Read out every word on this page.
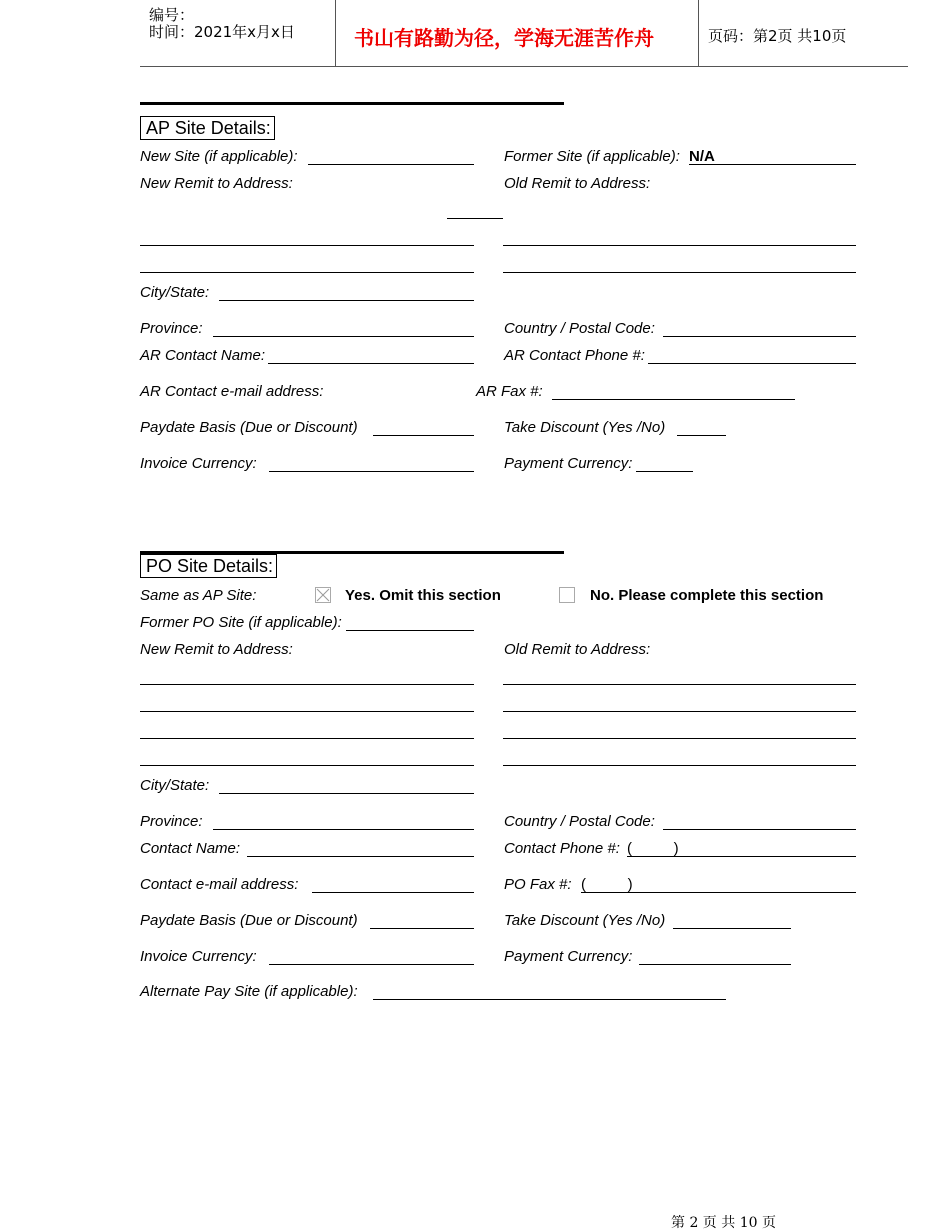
编号：
时间：2021年x月x日	书山有路勤为径，学海无涯苦作舟	页码：第2页 共10页
AP Site Details:
New Site (if applicable):	Former Site (if applicable): N/A
New Remit to Address:	Old Remit to Address:
City/State:
Province:	Country / Postal Code:
AR Contact Name:	AR Contact Phone #:
AR Contact e-mail address:	AR Fax #:
Paydate Basis (Due or Discount)	Take Discount (Yes /No)
Invoice Currency:	Payment Currency:
PO Site Details:
Same as AP Site:	Yes. Omit this section	No. Please complete this section
Former PO Site (if applicable):
New Remit to Address:	Old Remit to Address:
City/State:
Province:	Country / Postal Code:
Contact Name:	Contact Phone #: (          )
Contact e-mail address:	PO Fax #: (          )
Paydate Basis (Due or Discount)	Take Discount (Yes /No)
Invoice Currency:	Payment Currency:
Alternate Pay Site (if applicable):
第 2 页 共 10 页
